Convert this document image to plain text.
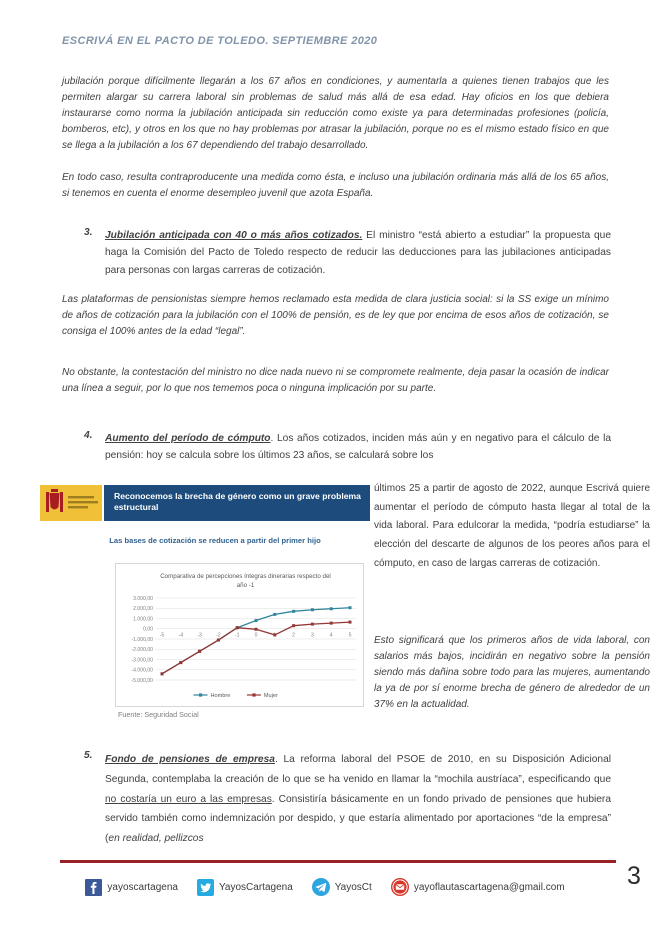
ESCRIVÁ EN EL PACTO DE TOLEDO. SEPTIEMBRE 2020
jubilación porque difícilmente llegarán a los 67 años en condiciones, y aumentarla a quienes tienen trabajos que les permiten alargar su carrera laboral sin problemas de salud más allá de esa edad. Hay oficios en los que debiera instaurarse como norma la jubilación anticipada sin reducción como existe ya para determinadas profesiones (policía, bomberos, etc), y otros en los que no hay problemas por atrasar la jubilación, porque no es el mismo estado físico en que se llega a la jubilación a los 67 dependiendo del trabajo desarrollado.
En todo caso, resulta contraproducente una medida como ésta, e incluso una jubilación ordinaria más allá de los 65 años, si tenemos en cuenta el enorme desempleo juvenil que azota España.
3. Jubilación anticipada con 40 o más años cotizados. El ministro “está abierto a estudiar” la propuesta que haga la Comisión del Pacto de Toledo respecto de reducir las deducciones para las jubilaciones anticipadas para personas con largas carreras de cotización.
Las plataformas de pensionistas siempre hemos reclamado esta medida de clara justicia social: si la SS exige un mínimo de años de cotización para la jubilación con el 100% de pensión, es de ley que por encima de esos años de cotización, se consiga el 100% antes de la edad “legal”.
No obstante, la contestación del ministro no dice nada nuevo ni se compromete realmente, deja pasar la ocasión de indicar una línea a seguir, por lo que nos tememos poca o ninguna implicación por su parte.
4. Aumento del período de cómputo. Los años cotizados, inciden más aún y en negativo para el cálculo de la pensión: hoy se calcula sobre los últimos 23 años, se calculará sobre los
Reconocemos la brecha de género como un grave problema estructural
Las bases de cotización se reducen a partir del primer hijo
Comparativa de percepciones íntegras dinerarias respecto del
año -1
3.000,00
2.000,00
1.000,00
0,00
-1.000,00
-2.000,00
-3.000,00
-4.000,00
-5.000,00
-5	-4	-3	-2	-1	0	2	3	4	5
Hombre	Mujer
Fuente: Seguridad Social
últimos 25 a partir de agosto de 2022, aunque Escrivá quiere aumentar el período de cómputo hasta llegar al total de la vida laboral. Para edulcorar la medida, “podría estudiarse” la elección del descarte de algunos de los peores años para el cómputo, en caso de largas carreras de cotización.
Esto significará que los primeros años de vida laboral, con salarios más bajos, incidirán en negativo sobre la pensión siendo más dañina sobre todo para las mujeres, aumentando la ya de por sí enorme brecha de género de alrededor de un 37% en la actualidad.
5. Fondo de pensiones de empresa. La reforma laboral del PSOE de 2010, en su Disposición Adicional Segunda, contemplaba la creación de lo que se ha venido en llamar la “mochila austríaca”, especificando que no costaría un euro a las empresas. Consistiría básicamente en un fondo privado de pensiones que hubiera servido también como indemnización por despido, y que estaría alimentado por aportaciones “de la empresa” (en realidad, pellizcos
3
yayoscartagena	YayosCartagena	YayosCt	yayoflautascartagena@gmail.com
